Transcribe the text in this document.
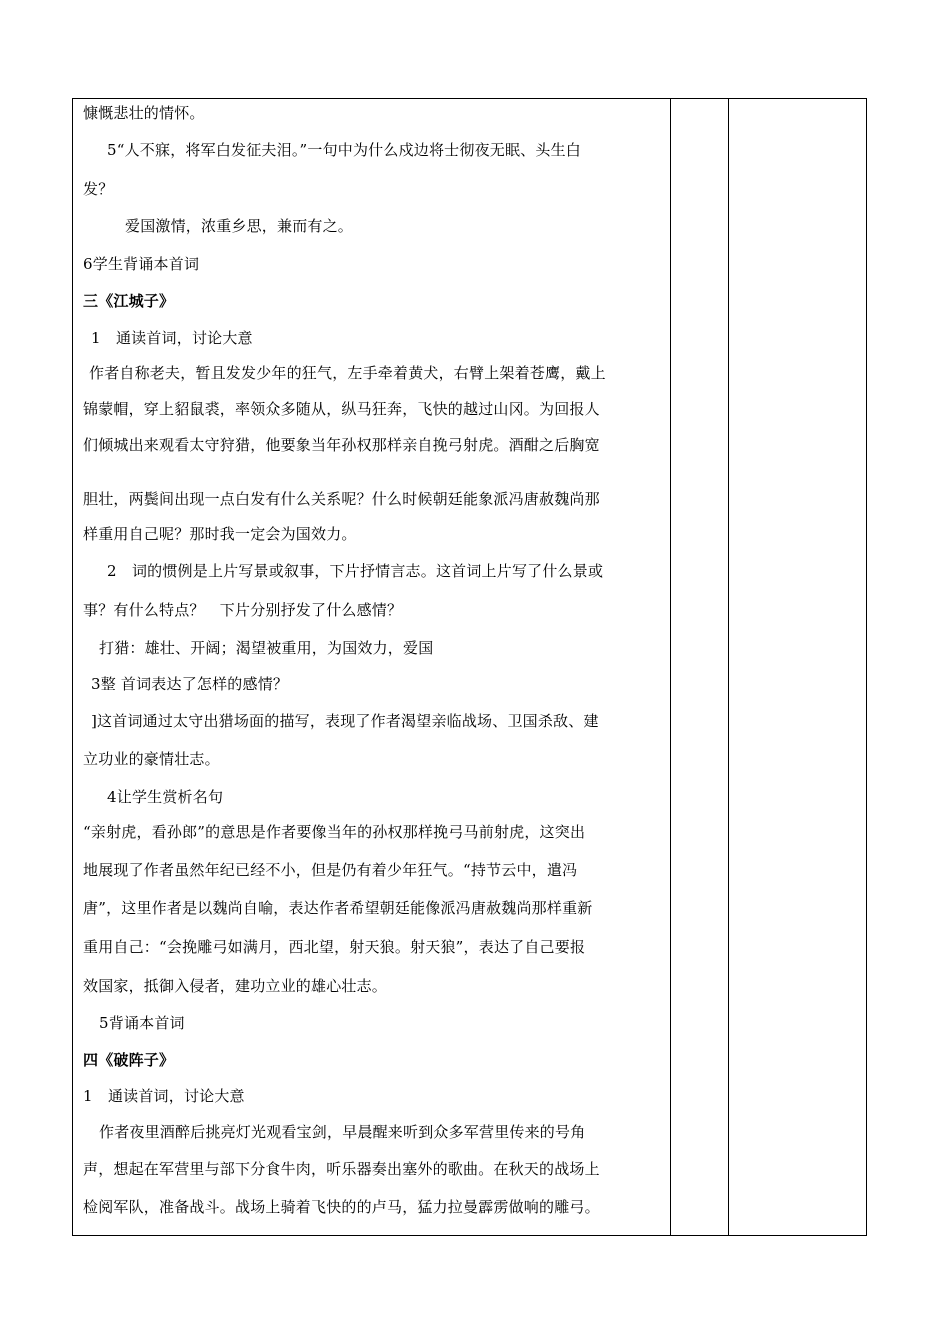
慷慨悲壮的情怀。
5“人不寐，将军白发征夫泪。”一句中为什么戍边将士彻夜无眠、头生白
发？
爱国激情，浓重乡思，兼而有之。
6学生背诵本首词
三《江城子》
1　通读首词，讨论大意
作者自称老夫，暂且发发少年的狂气，左手牵着黄犬，右臂上架着苍鹰，戴上
锦蒙帽，穿上貂鼠裘，率领众多随从，纵马狂奔，飞快的越过山冈。为回报人
们倾城出来观看太守狩猎，他要象当年孙权那样亲自挽弓射虎。酒酣之后胸宽
胆壮，两鬓间出现一点白发有什么关系呢？什么时候朝廷能象派冯唐赦魏尚那
样重用自己呢？那时我一定会为国效力。
2　词的惯例是上片写景或叙事，下片抒情言志。这首词上片写了什么景或
事？有什么特点？　下片分别抒发了什么感情？
打猎：雄壮、开阔；渴望被重用，为国效力，爱国
3整 首词表达了怎样的感情？
]这首词通过太守出猎场面的描写，表现了作者渴望亲临战场、卫国杀敌、建
立功业的豪情壮志。
4让学生赏析名句
“亲射虎，看孙郎”的意思是作者要像当年的孙权那样挽弓马前射虎，这突出
地展现了作者虽然年纪已经不小，但是仍有着少年狂气。“持节云中，遣冯
唐”，这里作者是以魏尚自喻，表达作者希望朝廷能像派冯唐赦魏尚那样重新
重用自己：“会挽雕弓如满月，西北望，射天狼。射天狼”，表达了自己要报
效国家，抵御入侵者，建功立业的雄心壮志。
5背诵本首词
四《破阵子》
1　通读首词，讨论大意
作者夜里酒醉后挑亮灯光观看宝剑，早晨醒来听到众多军营里传来的号角
声，想起在军营里与部下分食牛肉，听乐器奏出塞外的歌曲。在秋天的战场上
检阅军队，准备战斗。战场上骑着飞快的的卢马，猛力拉曼霹雳做响的雕弓。
